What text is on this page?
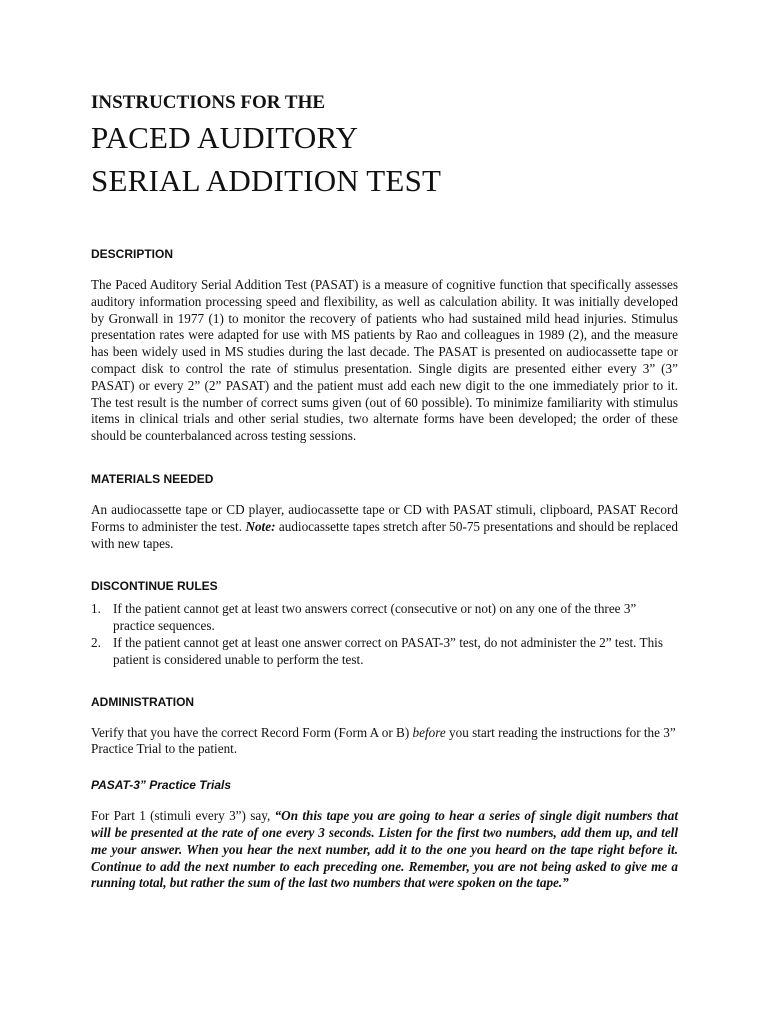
INSTRUCTIONS FOR THE
PACED AUDITORY
SERIAL ADDITION TEST
DESCRIPTION

The Paced Auditory Serial Addition Test (PASAT) is a measure of cognitive function that specifically assesses auditory information processing speed and flexibility, as well as calculation ability. It was initially developed by Gronwall in 1977 (1) to monitor the recovery of patients who had sustained mild head injuries. Stimulus presentation rates were adapted for use with MS patients by Rao and colleagues in 1989 (2), and the measure has been widely used in MS studies during the last decade. The PASAT is presented on audiocassette tape or compact disk to control the rate of stimulus presentation. Single digits are presented either every 3” (3” PASAT) or every 2” (2” PASAT) and the patient must add each new digit to the one immediately prior to it. The test result is the number of correct sums given (out of 60 possible). To minimize familiarity with stimulus items in clinical trials and other serial studies, two alternate forms have been developed; the order of these should be counterbalanced across testing sessions.

MATERIALS NEEDED

An audiocassette tape or CD player, audiocassette tape or CD with PASAT stimuli, clipboard, PASAT Record Forms to administer the test. Note: audiocassette tapes stretch after 50-75 presentations and should be replaced with new tapes.

DISCONTINUE RULES
1. If the patient cannot get at least two answers correct (consecutive or not) on any one of the three 3” practice sequences.
2. If the patient cannot get at least one answer correct on PASAT-3” test, do not administer the 2” test. This patient is considered unable to perform the test.
ADMINISTRATION

Verify that you have the correct Record Form (Form A or B) before you start reading the instructions for the 3” Practice Trial to the patient.

PASAT-3” Practice Trials

For Part 1 (stimuli every 3”) say, “On this tape you are going to hear a series of single digit numbers that will be presented at the rate of one every 3 seconds. Listen for the first two numbers, add them up, and tell me your answer. When you hear the next number, add it to the one you heard on the tape right before it. Continue to add the next number to each preceding one. Remember, you are not being asked to give me a running total, but rather the sum of the last two numbers that were spoken on the tape.”
